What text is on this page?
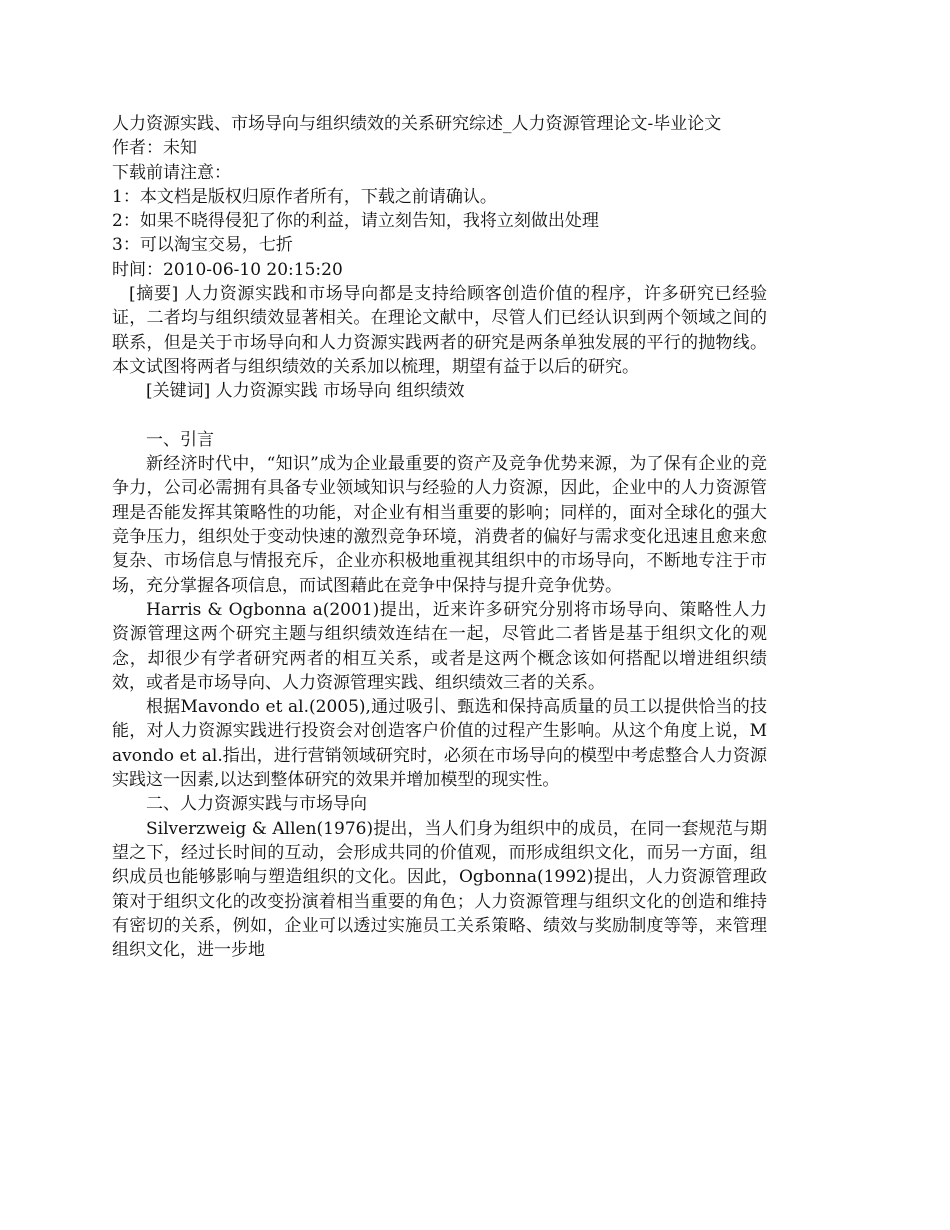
人力资源实践、市场导向与组织绩效的关系研究综述_人力资源管理论文-毕业论文

作者：未知

下载前请注意：

1：本文档是版权归原作者所有，下载之前请确认。

2：如果不晓得侵犯了你的利益，请立刻告知，我将立刻做出处理

3：可以淘宝交易，七折

时间：2010-06-10 20:15:20

[摘要] 人力资源实践和市场导向都是支持给顾客创造价值的程序，许多研究已经验证，二者均与组织绩效显著相关。在理论文献中，尽管人们已经认识到两个领域之间的联系，但是关于市场导向和人力资源实践两者的研究是两条单独发展的平行的抛物线。本文试图将两者与组织绩效的关系加以梳理，期望有益于以后的研究。

[关键词] 人力资源实践 市场导向 组织绩效

一、引言

新经济时代中，“知识”成为企业最重要的资产及竞争优势来源，为了保有企业的竞争力，公司必需拥有具备专业领域知识与经验的人力资源，因此，企业中的人力资源管理是否能发挥其策略性的功能，对企业有相当重要的影响；同样的，面对全球化的强大竞争压力，组织处于变动快速的激烈竞争环境，消费者的偏好与需求变化迅速且愈来愈复杂、市场信息与情报充斥，企业亦积极地重视其组织中的市场导向，不断地专注于市场，充分掌握各项信息，而试图藉此在竞争中保持与提升竞争优势。

Harris & Ogbonna a(2001)提出，近来许多研究分别将市场导向、策略性人力资源管理这两个研究主题与组织绩效连结在一起，尽管此二者皆是基于组织文化的观念，却很少有学者研究两者的相互关系，或者是这两个概念该如何搭配以增进组织绩效，或者是市场导向、人力资源管理实践、组织绩效三者的关系。

根据Mavondo et al.(2005),通过吸引、甄选和保持高质量的员工以提供恰当的技能，对人力资源实践进行投资会对创造客户价值的过程产生影响。从这个角度上说，Mavondo et al.指出，进行营销领域研究时，必须在市场导向的模型中考虑整合人力资源实践这一因素,以达到整体研究的效果并增加模型的现实性。

二、人力资源实践与市场导向

Silverzweig & Allen(1976)提出，当人们身为组织中的成员，在同一套规范与期望之下，经过长时间的互动，会形成共同的价值观，而形成组织文化，而另一方面，组织成员也能够影响与塑造组织的文化。因此，Ogbonna(1992)提出，人力资源管理政策对于组织文化的改变扮演着相当重要的角色；人力资源管理与组织文化的创造和维持有密切的关系，例如，企业可以透过实施员工关系策略、绩效与奖励制度等等，来管理组织文化，进一步地
